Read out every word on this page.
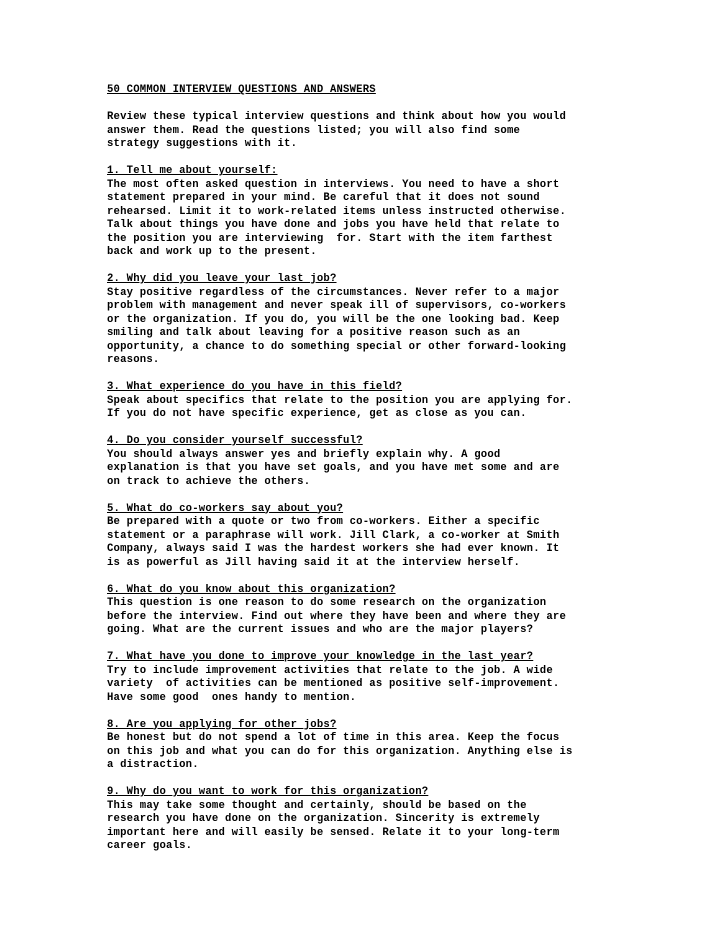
50 COMMON INTERVIEW QUESTIONS AND ANSWERS
Review these typical interview questions and think about how you would
answer them. Read the questions listed; you will also find some
strategy suggestions with it.
1. Tell me about yourself:
The most often asked question in interviews. You need to have a short
statement prepared in your mind. Be careful that it does not sound
rehearsed. Limit it to work-related items unless instructed otherwise.
Talk about things you have done and jobs you have held that relate to
the position you are interviewing  for. Start with the item farthest
back and work up to the present.
2. Why did you leave your last job?
Stay positive regardless of the circumstances. Never refer to a major
problem with management and never speak ill of supervisors, co-workers
or the organization. If you do, you will be the one looking bad. Keep
smiling and talk about leaving for a positive reason such as an
opportunity, a chance to do something special or other forward-looking
reasons.
3. What experience do you have in this field?
Speak about specifics that relate to the position you are applying for.
If you do not have specific experience, get as close as you can.
4. Do you consider yourself successful?
You should always answer yes and briefly explain why. A good
explanation is that you have set goals, and you have met some and are
on track to achieve the others.
5. What do co-workers say about you?
Be prepared with a quote or two from co-workers. Either a specific
statement or a paraphrase will work. Jill Clark, a co-worker at Smith
Company, always said I was the hardest workers she had ever known. It
is as powerful as Jill having said it at the interview herself.
6. What do you know about this organization?
This question is one reason to do some research on the organization
before the interview. Find out where they have been and where they are
going. What are the current issues and who are the major players?
7. What have you done to improve your knowledge in the last year?
Try to include improvement activities that relate to the job. A wide
variety  of activities can be mentioned as positive self-improvement.
Have some good  ones handy to mention.
8. Are you applying for other jobs?
Be honest but do not spend a lot of time in this area. Keep the focus
on this job and what you can do for this organization. Anything else is
a distraction.
9. Why do you want to work for this organization?
This may take some thought and certainly, should be based on the
research you have done on the organization. Sincerity is extremely
important here and will easily be sensed. Relate it to your long-term
career goals.
